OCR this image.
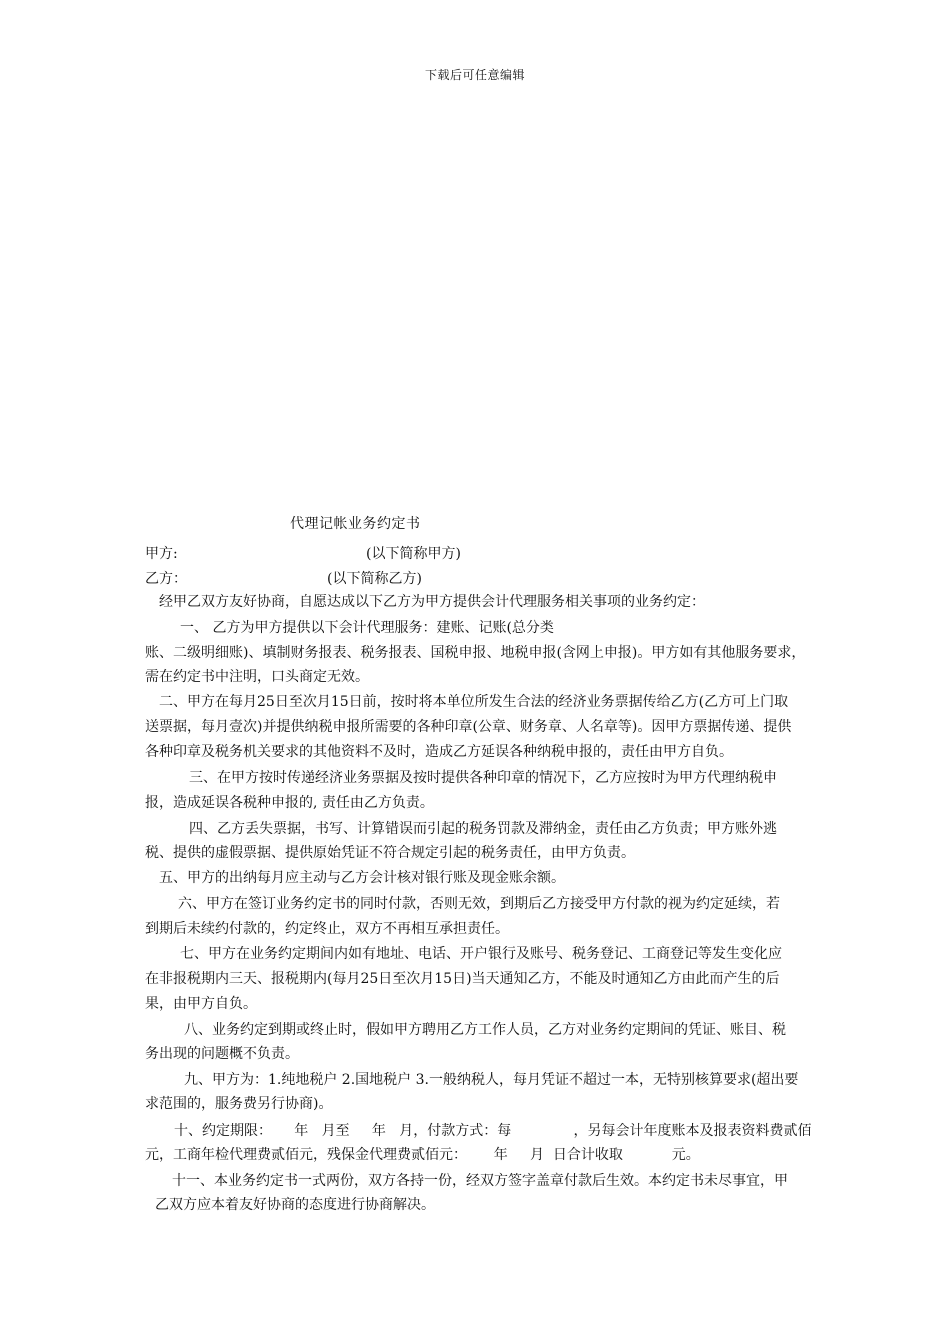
下载后可任意编辑
代理记帐业务约定书
甲方:	(以下简称甲方)
乙方：	(以下简称乙方)
经甲乙双方友好协商，自愿达成以下乙方为甲方提供会计代理服务相关事项的业务约定：
一、 乙方为甲方提供以下会计代理服务：建账、记账(总分类
账、二级明细账)、填制财务报表、税务报表、国税申报、地税申报(含网上申报)。甲方如有其他服务要求，
需在约定书中注明，口头商定无效。
二、甲方在每月25日至次月15日前，按时将本单位所发生合法的经济业务票据传给乙方(乙方可上门取
送票据，每月壹次)并提供纳税申报所需要的各种印章(公章、财务章、人名章等)。因甲方票据传递、提供
各种印章及税务机关要求的其他资料不及时，造成乙方延误各种纳税申报的，责任由甲方自负。
三、在甲方按时传递经济业务票据及按时提供各种印章的情况下，乙方应按时为甲方代理纳税申
报，造成延误各税种申报的, 责任由乙方负责。
四、乙方丢失票据，书写、计算错误而引起的税务罚款及滞纳金，责任由乙方负责；甲方账外逃
税、提供的虚假票据、提供原始凭证不符合规定引起的税务责任，由甲方负责。
五、甲方的出纳每月应主动与乙方会计核对银行账及现金账余额。
六、甲方在签订业务约定书的同时付款，否则无效，到期后乙方接受甲方付款的视为约定延续，若
到期后未续约付款的，约定终止，双方不再相互承担责任。
七、甲方在业务约定期间内如有地址、电话、开户银行及账号、税务登记、工商登记等发生变化应
在非报税期内三天、报税期内(每月25日至次月15日)当天通知乙方，不能及时通知乙方由此而产生的后
果，由甲方自负。
八、业务约定到期或终止时，假如甲方聘用乙方工作人员，乙方对业务约定期间的凭证、账目、税
务出现的问题概不负责。
九、甲方为：1.纯地税户 2.国地税户 3.一般纳税人，每月凭证不超过一本，无特别核算要求(超出要
求范围的，服务费另行协商)。
十、约定期限：     年   月至     年   月，付款方式：每              ，另每会计年度账本及报表资料费贰佰
元，工商年检代理费贰佰元，残保金代理费贰佰元：      年     月  日合计收取           元。
十一、本业务约定书一式两份，双方各持一份，经双方签字盖章付款后生效。本约定书未尽事宜，甲
乙双方应本着友好协商的态度进行协商解决。
